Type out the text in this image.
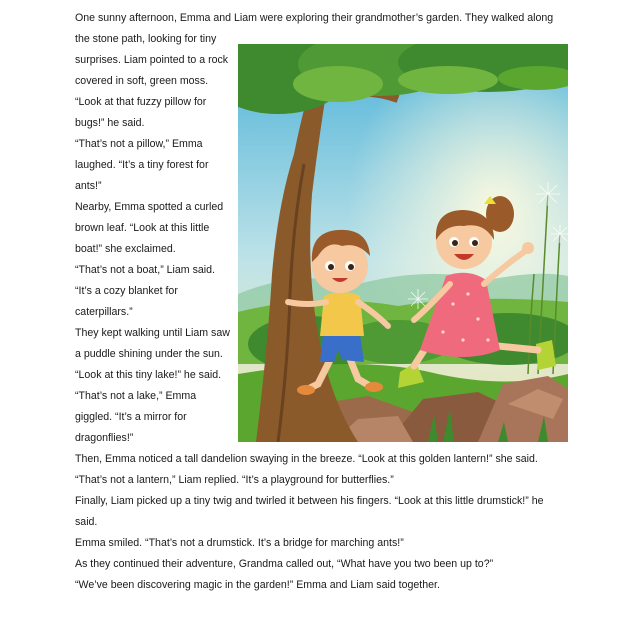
One sunny afternoon, Emma and Liam were exploring their grandmother’s garden. They walked along
the stone path, looking for tiny
surprises. Liam pointed to a rock
covered in soft, green moss.
“Look at that fuzzy pillow for
bugs!” he said.
“That’s not a pillow,” Emma
laughed. “It’s a tiny forest for
ants!”
Nearby, Emma spotted a curled
brown leaf. “Look at this little
boat!” she exclaimed.
“That’s not a boat,” Liam said.
“It’s a cozy blanket for
caterpillars.”
They kept walking until Liam saw
a puddle shining under the sun.
“Look at this tiny lake!” he said.
“That’s not a lake,” Emma
giggled. “It’s a mirror for
dragonflies!”
Then, Emma noticed a tall dandelion swaying in the breeze. “Look at this golden lantern!” she said.
“That’s not a lantern,” Liam replied. “It’s a playground for butterflies.”
Finally, Liam picked up a tiny twig and twirled it between his fingers. “Look at this little drumstick!” he
said.
Emma smiled. “That’s not a drumstick. It’s a bridge for marching ants!”
As they continued their adventure, Grandma called out, “What have you two been up to?”
“We’ve been discovering magic in the garden!” Emma and Liam said together.
